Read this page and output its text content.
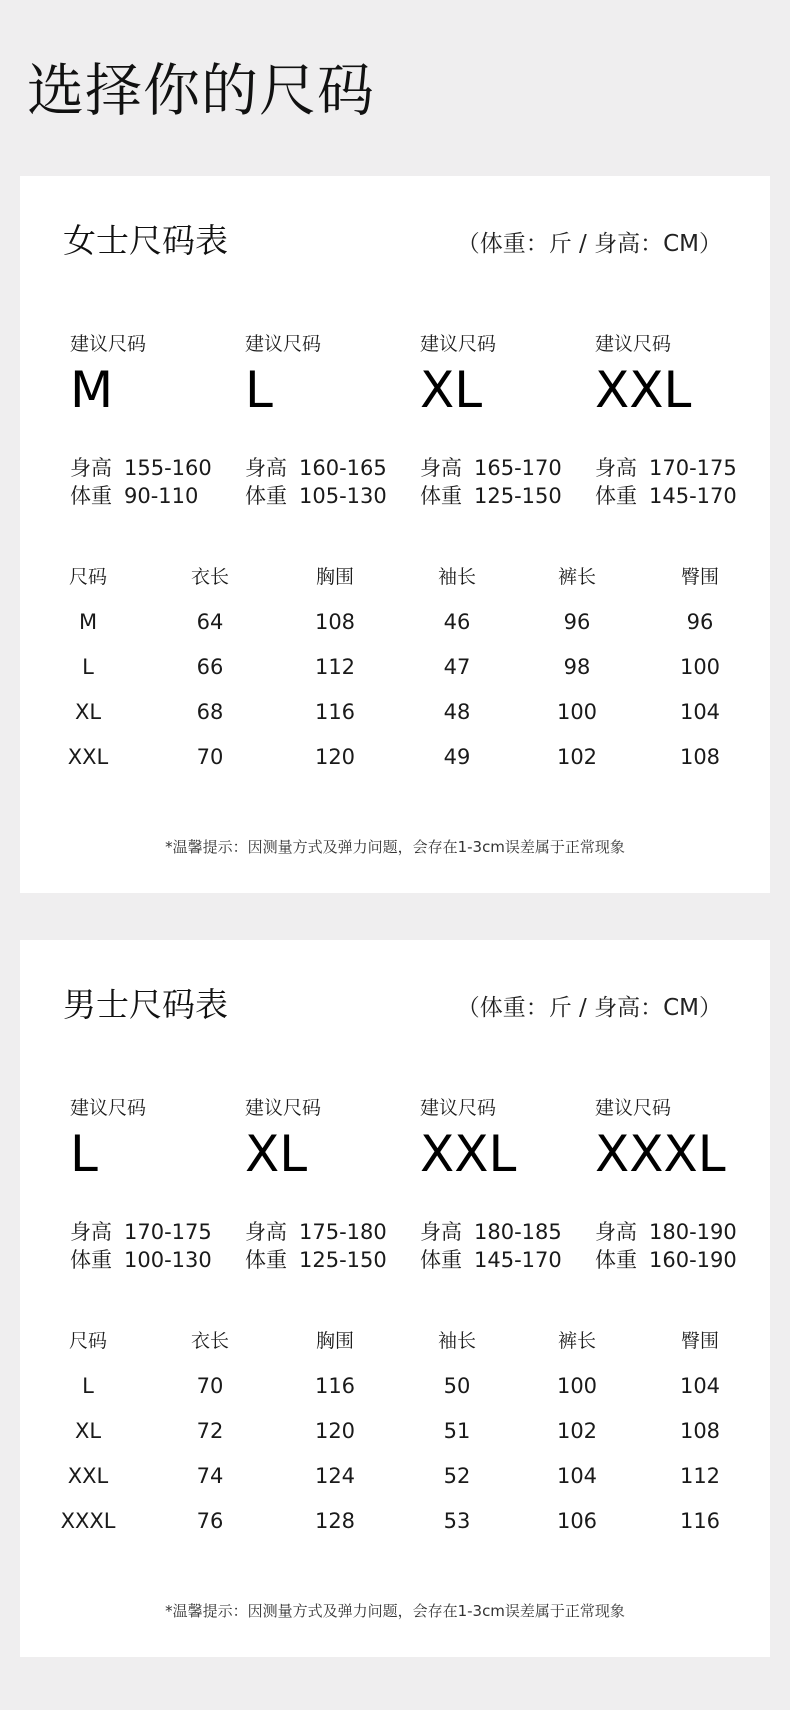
选择你的尺码
女士尺码表	（体重：斤 / 身高：CM）
建议尺码
M
身高 155-160
体重 90-110
建议尺码
L
身高 160-165
体重 105-130
建议尺码
XL
身高 165-170
体重 125-150
建议尺码
XXL
身高 170-175
体重 145-170
尺码	衣长	胸围	袖长	裤长	臀围
M	64	108	46	96	96
L	66	112	47	98	100
XL	68	116	48	100	104
XXL	70	120	49	102	108
*温馨提示：因测量方式及弹力问题，会存在1-3cm误差属于正常现象
男士尺码表	（体重：斤 / 身高：CM）
建议尺码
L
身高 170-175
体重 100-130
建议尺码
XL
身高 175-180
体重 125-150
建议尺码
XXL
身高 180-185
体重 145-170
建议尺码
XXXL
身高 180-190
体重 160-190
尺码	衣长	胸围	袖长	裤长	臀围
L	70	116	50	100	104
XL	72	120	51	102	108
XXL	74	124	52	104	112
XXXL	76	128	53	106	116
*温馨提示：因测量方式及弹力问题，会存在1-3cm误差属于正常现象
